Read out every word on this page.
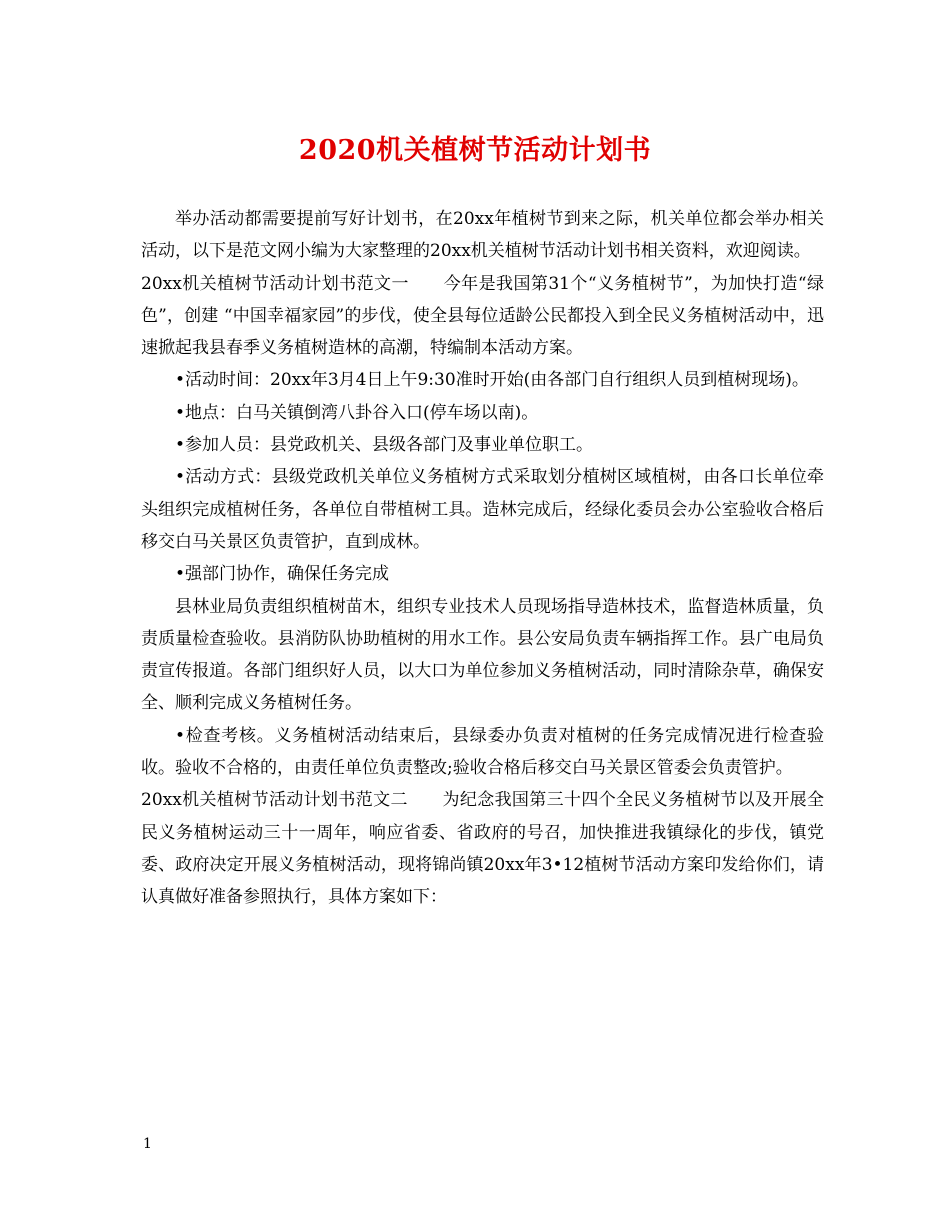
2020机关植树节活动计划书

举办活动都需要提前写好计划书，在20xx年植树节到来之际，机关单位都会举办相关活动，以下是范文网小编为大家整理的20xx机关植树节活动计划书相关资料，欢迎阅读。

20xx机关植树节活动计划书范文一　　今年是我国第31个“义务植树节”，为加快打造“绿色”，创建 “中国幸福家园”的步伐，使全县每位适龄公民都投入到全民义务植树活动中，迅速掀起我县春季义务植树造林的高潮，特编制本活动方案。

•活动时间：20xx年3月4日上午9:30准时开始(由各部门自行组织人员到植树现场)。

•地点：白马关镇倒湾八卦谷入口(停车场以南)。

•参加人员：县党政机关、县级各部门及事业单位职工。

•活动方式：县级党政机关单位义务植树方式采取划分植树区域植树，由各口长单位牵头组织完成植树任务，各单位自带植树工具。造林完成后，经绿化委员会办公室验收合格后移交白马关景区负责管护，直到成林。

•强部门协作，确保任务完成

县林业局负责组织植树苗木，组织专业技术人员现场指导造林技术，监督造林质量，负责质量检查验收。县消防队协助植树的用水工作。县公安局负责车辆指挥工作。县广电局负责宣传报道。各部门组织好人员，以大口为单位参加义务植树活动，同时清除杂草，确保安全、顺利完成义务植树任务。

•检查考核。义务植树活动结束后，县绿委办负责对植树的任务完成情况进行检查验收。验收不合格的，由责任单位负责整改;验收合格后移交白马关景区管委会负责管护。

20xx机关植树节活动计划书范文二　　为纪念我国第三十四个全民义务植树节以及开展全民义务植树运动三十一周年，响应省委、省政府的号召，加快推进我镇绿化的步伐，镇党委、政府决定开展义务植树活动，现将锦尚镇20xx年3•12植树节活动方案印发给你们，请认真做好准备参照执行，具体方案如下：

1
